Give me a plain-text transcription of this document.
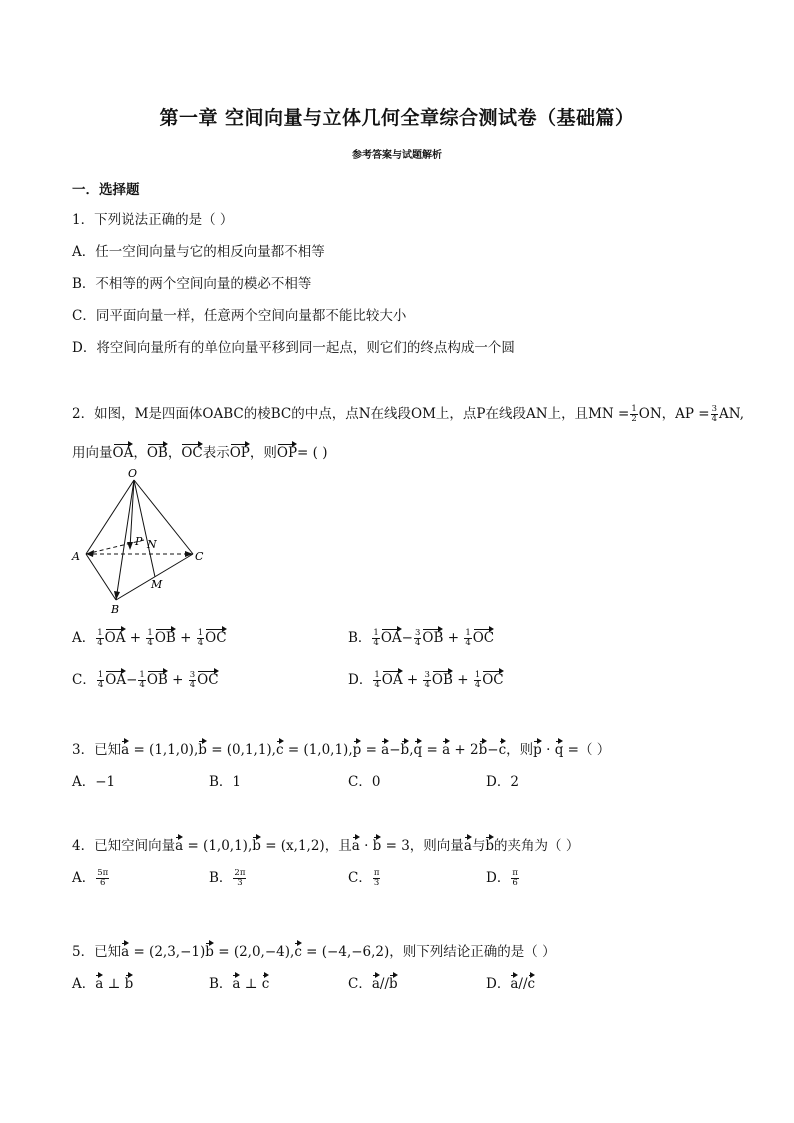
第一章 空间向量与立体几何全章综合测试卷（基础篇）
参考答案与试题解析
一．选择题
1．下列说法正确的是（ ）
A．任一空间向量与它的相反向量都不相等
B．不相等的两个空间向量的模必不相等
C．同平面向量一样，任意两个空间向量都不能比较大小
D．将空间向量所有的单位向量平移到同一起点，则它们的终点构成一个圆
2．如图，M是四面体OABC的棱BC的中点，点N在线段OM上，点P在线段AN上，且MN = $\frac{1}{2}$ ON，AP = $\frac{3}{4}$ AN,
用向量OA，OB，OC表示OP，则OP= ( )
O
A
B
C
P N
M
A． $\frac{1}{4}$ OA + $\frac{1}{4}$ OB + $\frac{1}{4}$ OC	B． $\frac{1}{4} OA- \frac{3}{4}$ OB + $\frac{1}{4}$ OC
C． $\frac{1}{4} OA- \frac{1}{4}$ OB + $\frac{3}{4}$ OC	D． $\frac{1}{4}$ OA + $\frac{3}{4}$ OB + $\frac{1}{4}$ OC
3．已知a = (1,1,0),b = (0,1,1),c = (1,0,1),p = a−b,q = a + 2b−c，则p · q =（ ）
A．−1	B．1	C．0	D．2
4．已知空间向量a = (1,0,1),b = (x,1,2)，且a · b = 3，则向量a与b的夹角为（ ）
A． $\frac{5\pi}{6}$	B． $\frac{2\pi}{3}$	C． $\frac{\pi}{3}$	D． $\frac{\pi}{6}$
5．已知a = (2,3,−1)b = (2,0,−4),c = (−4,−6,2)，则下列结论正确的是（ ）
A．a ⊥ b	B．a ⊥ c	C．a//b	D．a//c
